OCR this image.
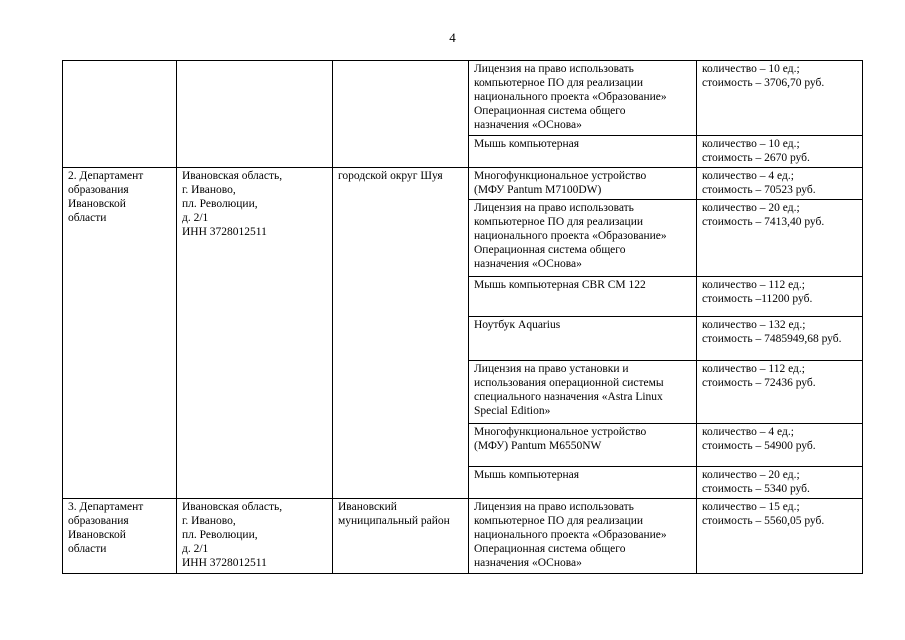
4

			Лицензия на право использовать
компьютерное ПО для реализации
национального проекта «Образование»
Операционная система общего
назначения «ОСнова»	количество – 10 ед.;
стоимость – 3706,70 руб.

			Мышь компьютерная	количество – 10 ед.;
стоимость – 2670 руб.

2. Департамент
образования
Ивановской
области	Ивановская область,
г. Иваново,
пл. Революции,
д. 2/1
ИНН 3728012511	городской округ Шуя	Многофункциональное устройство
(МФУ Pantum M7100DW)	количество – 4 ед.;
стоимость – 70523 руб.

			Лицензия на право использовать
компьютерное ПО для реализации
национального проекта «Образование»
Операционная система общего
назначения «ОСнова»	количество – 20 ед.;
стоимость – 7413,40 руб.

			Мышь компьютерная CBR CM 122	количество – 112 ед.;
стоимость –11200 руб.

			Ноутбук Aquarius	количество – 132 ед.;
стоимость – 7485949,68 руб.

			Лицензия на право установки и
использования операционной системы
специального назначения «Astra Linux
Special Edition»	количество – 112 ед.;
стоимость – 72436 руб.

			Многофункциональное устройство
(МФУ) Pantum M6550NW	количество – 4 ед.;
стоимость – 54900 руб.

			Мышь компьютерная	количество – 20 ед.;
стоимость – 5340 руб.

3. Департамент
образования
Ивановской
области	Ивановская область,
г. Иваново,
пл. Революции,
д. 2/1
ИНН 3728012511	Ивановский
муниципальный район	Лицензия на право использовать
компьютерное ПО для реализации
национального проекта «Образование»
Операционная система общего
назначения «ОСнова»	количество – 15 ед.;
стоимость – 5560,05 руб.
